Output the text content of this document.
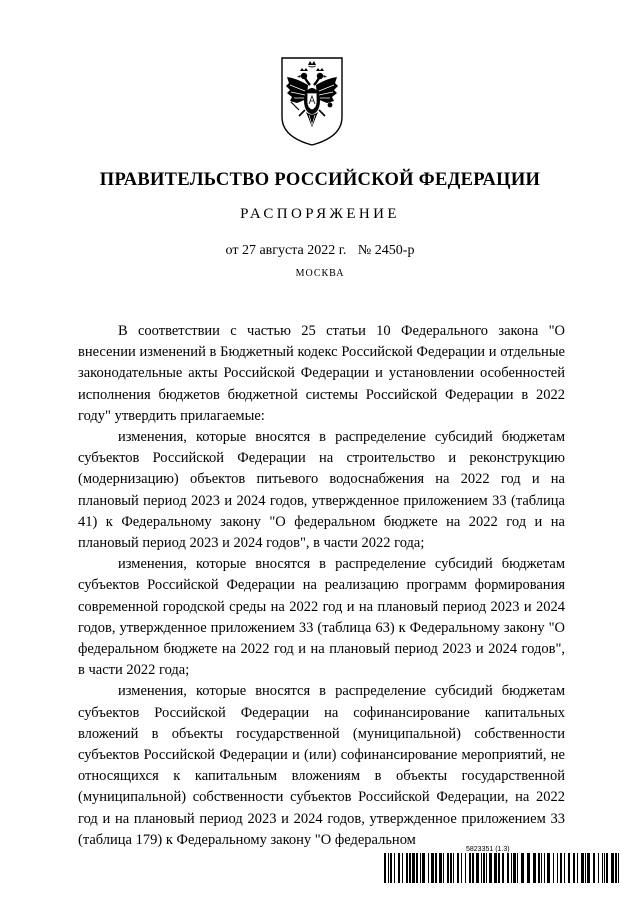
ПРАВИТЕЛЬСТВО РОССИЙСКОЙ ФЕДЕРАЦИИ
РАСПОРЯЖЕНИЕ
от 27 августа 2022 г. № 2450-р
МОСКВА

В соответствии с частью 25 статьи 10 Федерального закона "О внесении изменений в Бюджетный кодекс Российской Федерации и отдельные законодательные акты Российской Федерации и установлении особенностей исполнения бюджетов бюджетной системы Российской Федерации в 2022 году" утвердить прилагаемые:

изменения, которые вносятся в распределение субсидий бюджетам субъектов Российской Федерации на строительство и реконструкцию (модернизацию) объектов питьевого водоснабжения на 2022 год и на плановый период 2023 и 2024 годов, утвержденное приложением 33 (таблица 41) к Федеральному закону "О федеральном бюджете на 2022 год и на плановый период 2023 и 2024 годов", в части 2022 года;

изменения, которые вносятся в распределение субсидий бюджетам субъектов Российской Федерации на реализацию программ формирования современной городской среды на 2022 год и на плановый период 2023 и 2024 годов, утвержденное приложением 33 (таблица 63) к Федеральному закону "О федеральном бюджете на 2022 год и на плановый период 2023 и 2024 годов", в части 2022 года;

изменения, которые вносятся в распределение субсидий бюджетам субъектов Российской Федерации на софинансирование капитальных вложений в объекты государственной (муниципальной) собственности субъектов Российской Федерации и (или) софинансирование мероприятий, не относящихся к капитальным вложениям в объекты государственной (муниципальной) собственности субъектов Российской Федерации, на 2022 год и на плановый период 2023 и 2024 годов, утвержденное приложением 33 (таблица 179) к Федеральному закону "О федеральном

5823351 (1.3)
